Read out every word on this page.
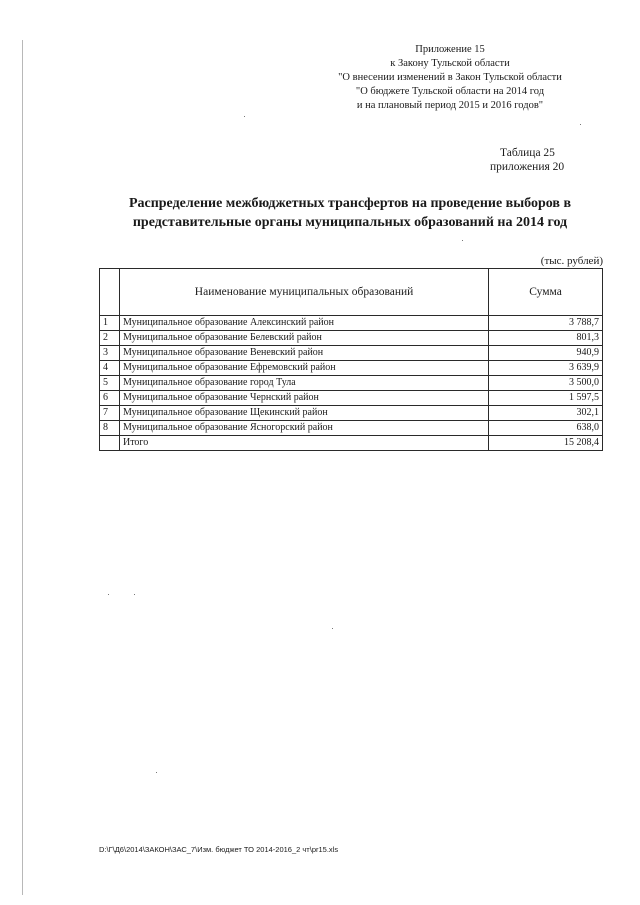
Приложение 15
к Закону Тульской области
"О внесении изменений в Закон Тульской области
"О бюджете Тульской области на 2014 год
и на плановый период 2015 и 2016 годов"
Таблица 25
приложения 20
Распределение межбюджетных трансфертов на проведение выборов в
представительные органы муниципальных образований на 2014 год
(тыс. рублей)
	Наименование муниципальных образований	Сумма
1	Муниципальное образование Алексинский район	3 788,7
2	Муниципальное образование Белевский район	801,3
3	Муниципальное образование Веневский район	940,9
4	Муниципальное образование Ефремовский район	3 639,9
5	Муниципальное образование город Тула	3 500,0
6	Муниципальное образование Чернский район	1 597,5
7	Муниципальное образование Щекинский район	302,1
8	Муниципальное образование Ясногорский район	638,0
	Итого	15 208,4
D:\Г\Д6\2014\ЗАКОН\ЗАС_7\Изм. бюджет ТО 2014-2016_2 чт\pr15.xls
